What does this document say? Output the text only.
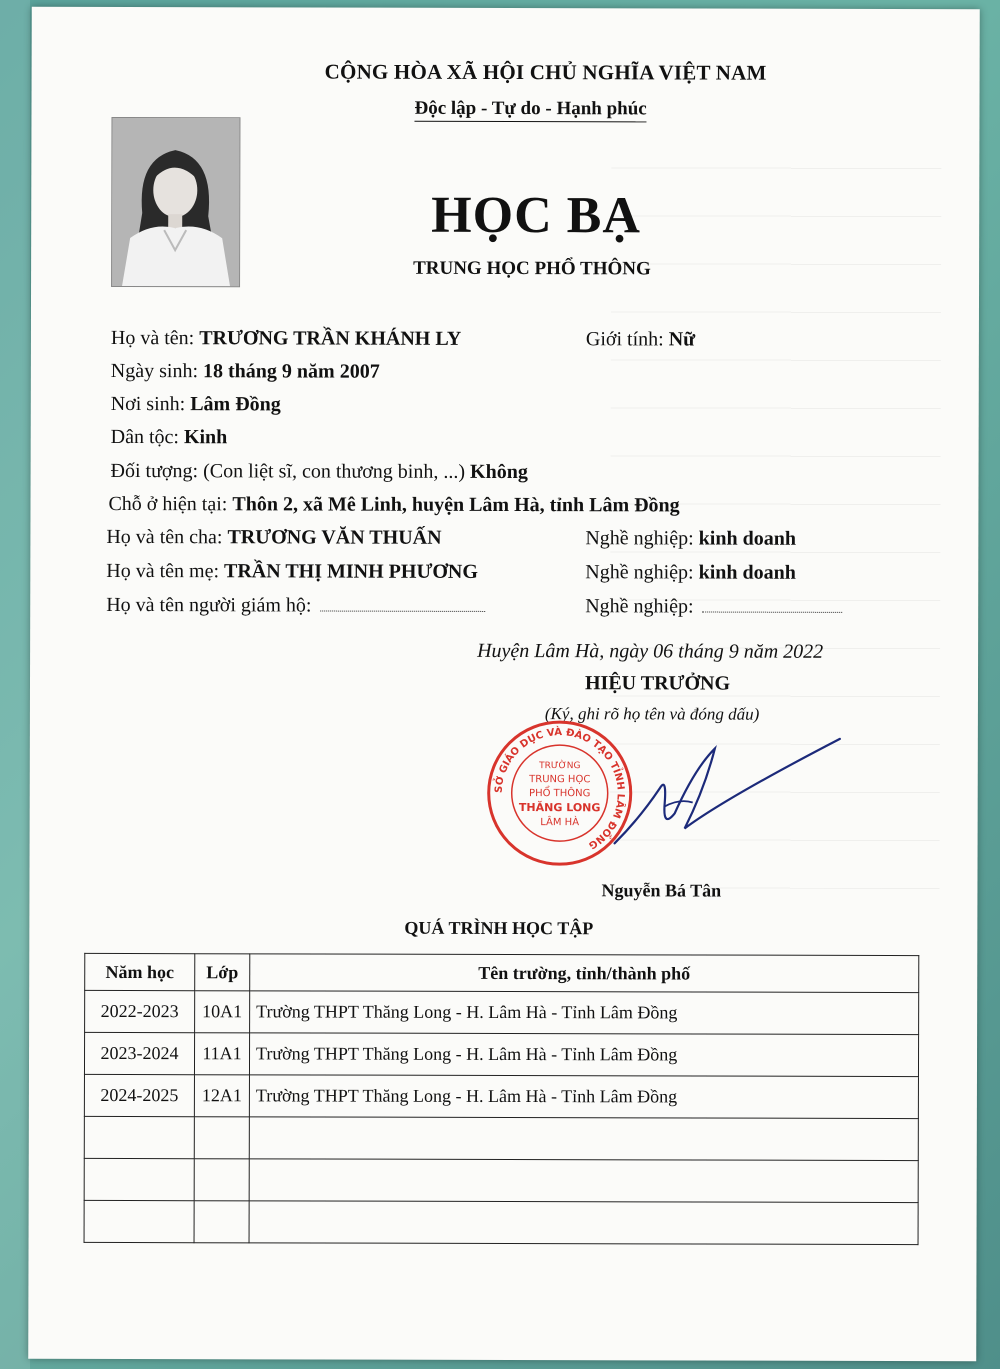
CỘNG HÒA XÃ HỘI CHỦ NGHĨA VIỆT NAM
Độc lập - Tự do - Hạnh phúc
HỌC BẠ
TRUNG HỌC PHỔ THÔNG
Họ và tên: TRƯƠNG TRẦN KHÁNH LY	Giới tính: Nữ
Ngày sinh: 18 tháng 9 năm 2007
Nơi sinh: Lâm Đồng
Dân tộc: Kinh
Đối tượng: (Con liệt sĩ, con thương binh, ...) Không
Chỗ ở hiện tại: Thôn 2, xã Mê Linh, huyện Lâm Hà, tỉnh Lâm Đồng
Họ và tên cha: TRƯƠNG VĂN THUẤN	Nghề nghiệp: kinh doanh
Họ và tên mẹ: TRẦN THỊ MINH PHƯƠNG	Nghề nghiệp: kinh doanh
Họ và tên người giám hộ:	Nghề nghiệp:
Huyện Lâm Hà, ngày 06 tháng 9 năm 2022
HIỆU TRƯỞNG
(Ký, ghi rõ họ tên và đóng dấu)
SỞ GIÁO DỤC VÀ ĐÀO TẠO TỈNH LÂM ĐỒNG
TRƯỜNG
TRUNG HỌC
PHỔ THÔNG
THĂNG LONG
LÂM HÀ
Nguyễn Bá Tân
QUÁ TRÌNH HỌC TẬP
Năm học	Lớp	Tên trường, tỉnh/thành phố
2022-2023	10A1	Trường THPT Thăng Long - H. Lâm Hà - Tỉnh Lâm Đồng
2023-2024	11A1	Trường THPT Thăng Long - H. Lâm Hà - Tỉnh Lâm Đồng
2024-2025	12A1	Trường THPT Thăng Long - H. Lâm Hà - Tỉnh Lâm Đồng
